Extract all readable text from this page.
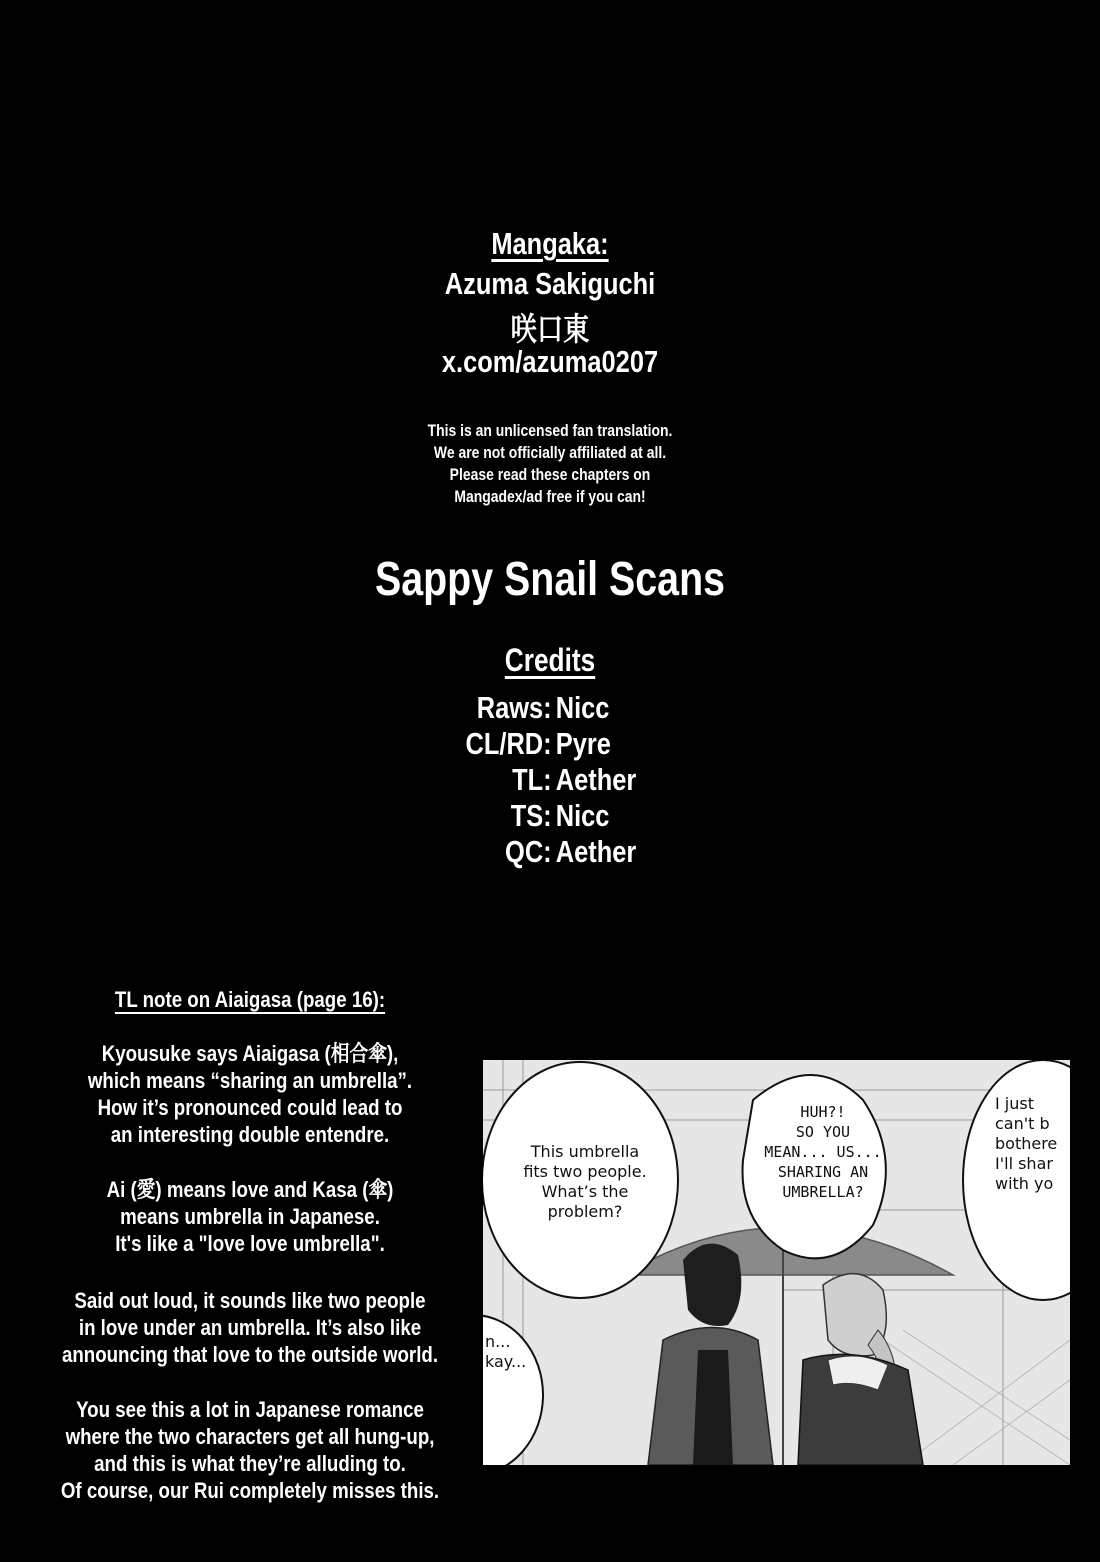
Mangaka:
Azuma Sakiguchi
咲口東
x.com/azuma0207
This is an unlicensed fan translation.
We are not officially affiliated at all.
Please read these chapters on
Mangadex/ad free if you can!
Sappy Snail Scans
Credits
Raws: Nicc
CL/RD: Pyre
TL: Aether
TS: Nicc
QC: Aether
TL note on Aiaigasa (page 16):
Kyousuke says Aiaigasa (相合傘),
which means “sharing an umbrella”.
How it’s pronounced could lead to
an interesting double entendre.
Ai (愛) means love and Kasa (傘)
means umbrella in Japanese.
It's like a "love love umbrella".
Said out loud, it sounds like two people
in love under an umbrella. It’s also like
announcing that love to the outside world.
You see this a lot in Japanese romance
where the two characters get all hung-up,
and this is what they’re alluding to.
Of course, our Rui completely misses this.
This umbrella
fits two people.
What’s the
problem?
HUH?!
SO YOU
MEAN... US...
SHARING AN
UMBRELLA?
I just
can't b
bothere
I'll shar
with yo
n...
kay...
